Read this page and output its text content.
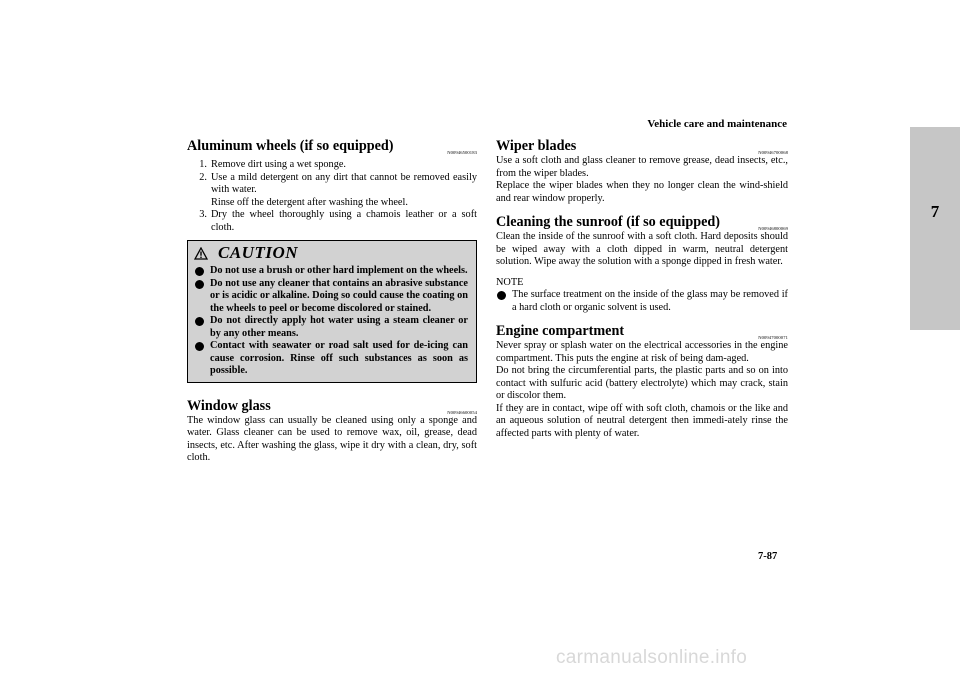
Vehicle care and maintenance
7
Aluminum wheels (if so equipped)	N00946500183
1. Remove dirt using a wet sponge.
2. Use a mild detergent on any dirt that cannot be removed easily with water.
Rinse off the detergent after washing the wheel.
3. Dry the wheel thoroughly using a chamois leather or a soft cloth.
CAUTION
Do not use a brush or other hard implement on the wheels.
Do not use any cleaner that contains an abrasive substance or is acidic or alkaline. Doing so could cause the coating on the wheels to peel or become discolored or stained.
Do not directly apply hot water using a steam cleaner or by any other means.
Contact with seawater or road salt used for de-icing can cause corrosion. Rinse off such substances as soon as possible.
Window glass	N00946600054

The window glass can usually be cleaned using only a sponge and water. Glass cleaner can be used to remove wax, oil, grease, dead insects, etc. After washing the glass, wipe it dry with a clean, dry, soft cloth.

Wiper blades	N00946700068

Use a soft cloth and glass cleaner to remove grease, dead insects, etc., from the wiper blades.

Replace the wiper blades when they no longer clean the wind-shield and rear window properly.

Cleaning the sunroof (if so equipped)	N00946800069

Clean the inside of the sunroof with a soft cloth. Hard deposits should be wiped away with a cloth dipped in warm, neutral detergent solution. Wipe away the solution with a sponge dipped in fresh water.

NOTE
The surface treatment on the inside of the glass may be removed if a hard cloth or organic solvent is used.
Engine compartment	N00947000071

Never spray or splash water on the electrical accessories in the engine compartment. This puts the engine at risk of being dam-aged.

Do not bring the circumferential parts, the plastic parts and so on into contact with sulfuric acid (battery electrolyte) which may crack, stain or discolor them.

If they are in contact, wipe off with soft cloth, chamois or the like and an aqueous solution of neutral detergent then immedi-ately rinse the affected parts with plenty of water.

7-87
carmanualsonline.info
